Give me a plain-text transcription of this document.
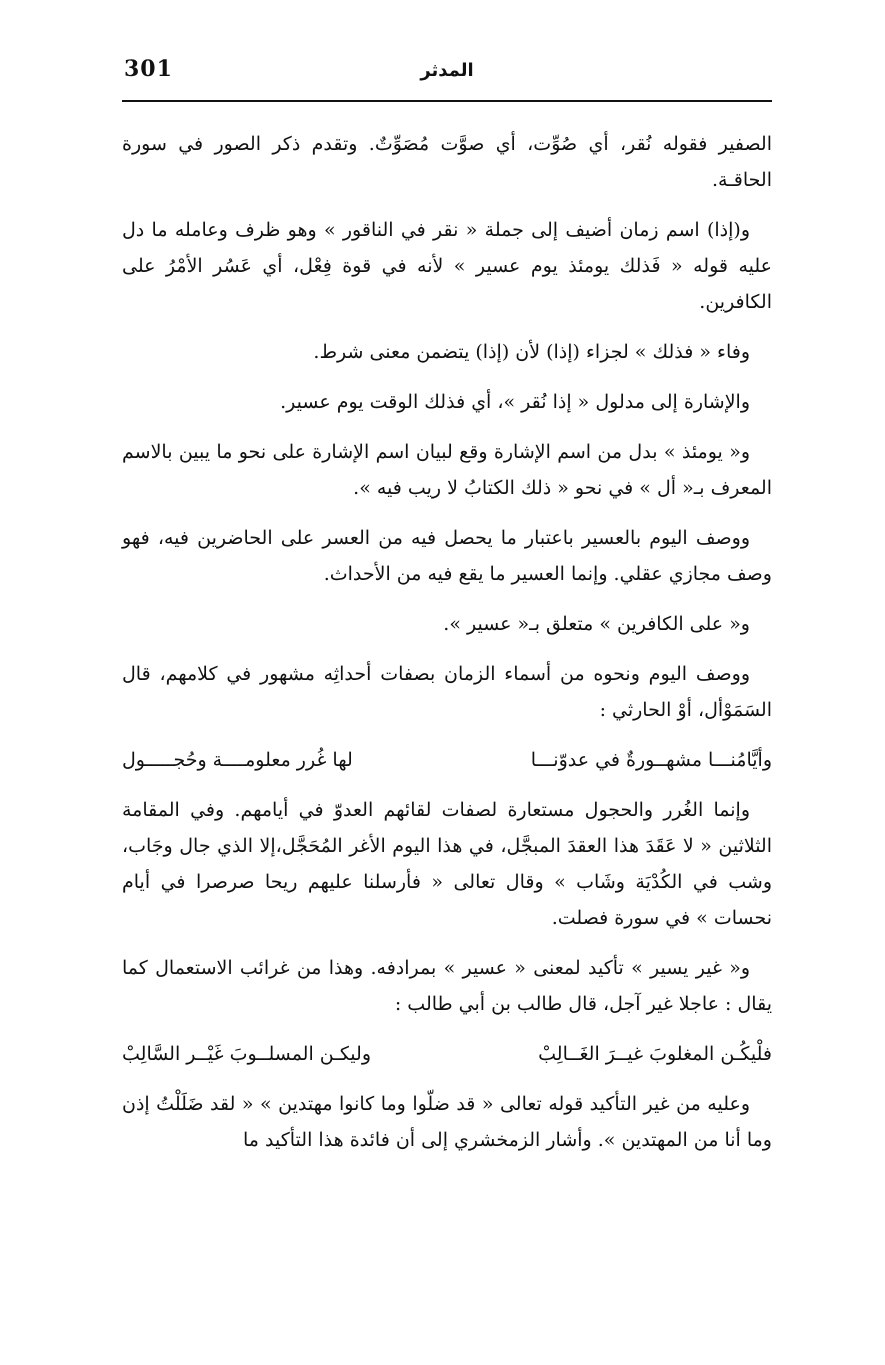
301	المدثر

الصفير فقوله نُقر، أي صُوِّت، أي صوَّت مُصَوِّتٌ. وتقدم ذكر الصور في سورة الحاقـة.

و(إذا) اسم زمان أضيف إلى جملة « نقر في الناقور » وهو ظرف وعامله ما دل عليه قوله « فَذلك يومئذ يوم عسير » لأنه في قوة فِعْل، أي عَسُر الأمْرُ على الكافرين.

وفاء « فذلك » لجزاء (إذا) لأن (إذا) يتضمن معنى شرط.

والإشارة إلى مدلول « إذا نُقر »، أي فذلك الوقت يوم عسير.

و« يومئذ » بدل من اسم الإشارة وقع لبيان اسم الإشارة على نحو ما يبين بالاسم المعرف بـ« أل » في نحو « ذلك الكتابُ لا ريب فيه ».

ووصف اليوم بالعسير باعتبار ما يحصل فيه من العسر على الحاضرين فيه، فهو وصف مجازي عقلي. وإنما العسير ما يقع فيه من الأحداث.

و« على الكافرين » متعلق بـ« عسير ».

ووصف اليوم ونحوه من أسماء الزمان بصفات أحداثِه مشهور في كلامهم، قال السَمَوْأل، أوْ الحارثي :

وأيَّامُنـــا مشهــورةٌ في عدوّنـــا
لها غُرر معلومــــة وحُجـــــول

وإنما الغُرر والحجول مستعارة لصفات لقائهم العدوّ في أيامهم. وفي المقامة الثلاثين « لا عَقَدَ هذا العقدَ المبجَّل، في هذا اليوم الأغر المُحَجَّل،إلا الذي جال وجَاب، وشب في الكُدْيَة وشَاب » وقال تعالى « فأرسلنا عليهم ريحا صرصرا في أيام نحسات » في سورة فصلت.

و« غير يسير » تأكيد لمعنى « عسير » بمرادفه. وهذا من غرائب الاستعمال كما يقال : عاجلا غير آجل، قال طالب بن أبي طالب :

فلْيكُـن المغلوبَ غيــرَ الغَــالِبْ
وليكـن المسلــوبَ غَيْــر السَّالِبْ

وعليه من غير التأكيد قوله تعالى « قد ضلّوا وما كانوا مهتدين » « لقد ضَلَلْتُ إذن وما أنا من المهتدين ». وأشار الزمخشري إلى أن فائدة هذا التأكيد ما
